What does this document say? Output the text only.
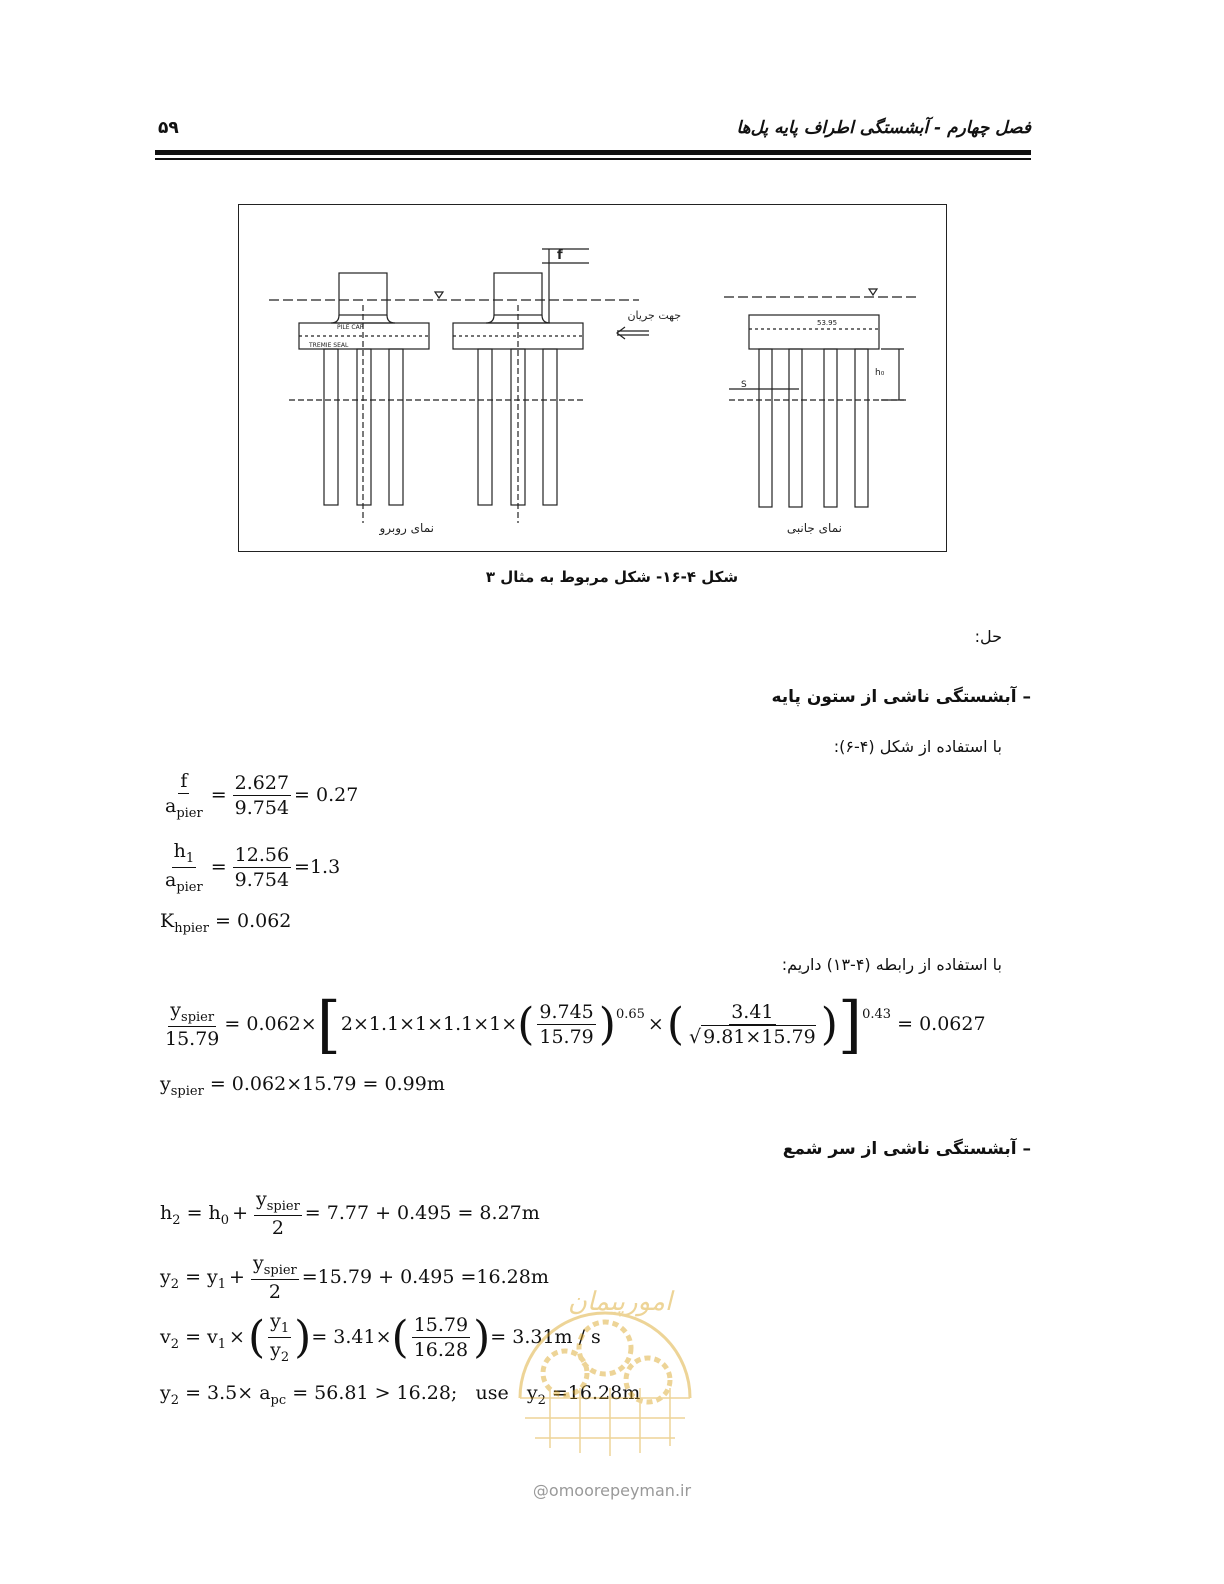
فصل چهارم - آبشستگی اطراف پایه پل‌ها
۵۹
f
جهت جریان
PILE CAP
TREMIE SEAL
53.95
h₀
S
نمای روبرو	نمای جانبی
شکل ۴-۱۶- شکل مربوط به مثال ۳
حل:
– آبشستگی ناشی از ستون پایه
با استفاده از شکل (۴-۶):
$\frac{f}{a_{pier}} = \frac{2.627}{9.754} = 0.27$
$\frac{h_1}{a_{pier}} = \frac{12.56}{9.754} =1.3$
$K_{hpier} = 0.062$
با استفاده از رابطه (۴-۱۳) داریم:
$\frac{y_{spier}}{15.79} = 0.062\times[2\times 1.1\times 1\times 1.1\times 1\times( \frac{9.745}{15.79} )^{0.65}$ ×( $\frac{3.41}{√ 9.81\times 15.79} )]^{0.43} = 0.0627$
$y_{spier} = 0.062\times 15.79 = 0.99m$
– آبشستگی ناشی از سر شمع
$h_2 = h_0 + \frac{y_{spier}}{2} = 7.77 + 0.495 = 8.27m$
$y_2 = y_1 + \frac{y_{spier}}{2} =15.79 + 0.495 =16.28m$
$v_2 = v_1$ ×( $\frac{y_1}{y_2}$ )= $3.41\times( \frac{15.79}{16.28}$ )= 3.31m / s
$y_2 = 3.5\times a_{pc} = 56.81 > 16.28$; use $y_2 =16.28m$
امورپیمان
@omoorepeyman.ir
